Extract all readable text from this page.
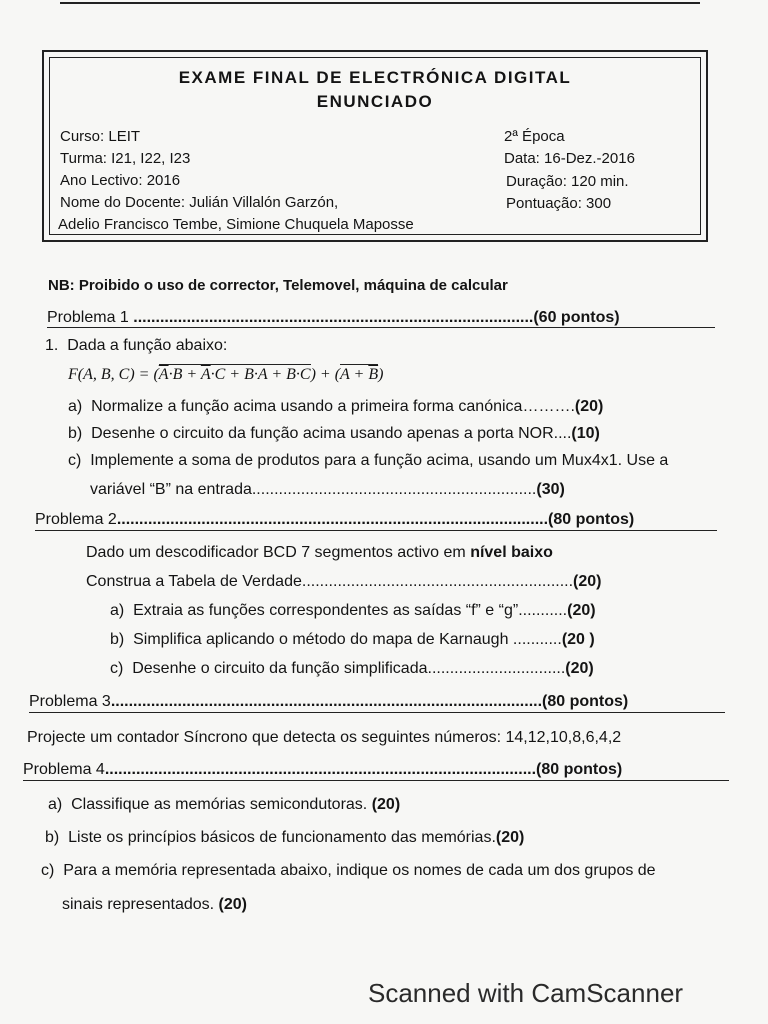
EXAME FINAL DE ELECTRÓNICA DIGITAL
ENUNCIADO
Curso: LEIT
Turma: I21, I22, I23
Ano Lectivo: 2016
Nome do Docente: Julián Villalón Garzón,
Adelio Francisco Tembe, Simione Chuquela Maposse
2ª Época
Data: 16-Dez.-2016
Duração: 120 min.
Pontuação: 300
NB: Proibido o uso de corrector, Telemovel, máquina de calcular
Problema 1 ..........................................................................................(60 pontos)
1. Dada a função abaixo:
F(A, B, $C) = (\overline{A}\cdot B + \overline{A}\cdot C + B\cdot A + B\cdot C) + (A + \overline{B})$
a) Normalize a função acima usando a primeira forma canónica……….(20)
b) Desenhe o circuito da função acima usando apenas a porta NOR....(10)
c) Implemente a soma de produtos para a função acima, usando um Mux4x1. Use a
variável “B” na entrada................................................................(30)
Problema 2.................................................................................................(80 pontos)
Dado um descodificador BCD 7 segmentos activo em nível baixo
Construa a Tabela de Verdade.............................................................(20)
a) Extraia as funções correspondentes as saídas “f” e “g”...........(20)
b) Simplifica aplicando o método do mapa de Karnaugh ...........(20 )
c) Desenhe o circuito da função simplificada...............................(20)
Problema 3.................................................................................................(80 pontos)
Projecte um contador Síncrono que detecta os seguintes números: 14,12,10,8,6,4,2
Problema 4.................................................................................................(80 pontos)
a) Classifique as memórias semicondutoras. (20)
b) Liste os princípios básicos de funcionamento das memórias.(20)
c) Para a memória representada abaixo, indique os nomes de cada um dos grupos de
sinais representados. (20)
Scanned with CamScanner
